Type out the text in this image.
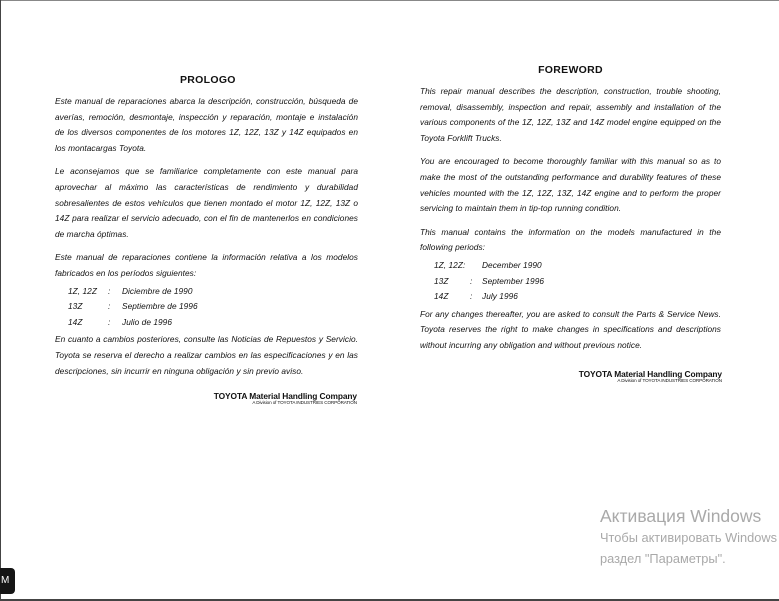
PROLOGO

Este manual de reparaciones abarca la descripción, construcción, búsqueda de averías, remoción, desmontaje, inspección y reparación, montaje e instalación de los diversos componentes de los motores 1Z, 12Z, 13Z y 14Z equipados en los montacargas Toyota.

Le aconsejamos que se familiarice completamente con este manual para aprovechar al máximo las características de rendimiento y durabilidad sobresalientes de estos vehículos que tienen montado el motor 1Z, 12Z, 13Z o 14Z para realizar el servicio adecuado, con el fin de mantenerlos en condiciones de marcha óptimas.

Este manual de reparaciones contiene la información relativa a los modelos fabricados en los períodos siguientes:

1Z, 12Z	:	Diciembre de 1990
13Z	:	Septiembre de 1996
14Z	:	Julio de 1996

En cuanto a cambios posteriores, consulte las Noticias de Repuestos y Servicio. Toyota se reserva el derecho a realizar cambios en las especificaciones y en las descripciones, sin incurrir en ninguna obligación y sin previo aviso.

TOYOTA Material Handling Company
A Division of TOYOTA INDUSTRIES CORPORATION
FOREWORD

This repair manual describes the description, construction, trouble shooting, removal, disassembly, inspection and repair, assembly and installation of the various components of the 1Z, 12Z, 13Z and 14Z model engine equipped on the Toyota Forklift Trucks.

You are encouraged to become thoroughly familiar with this manual so as to make the most of the outstanding performance and durability features of these vehicles mounted with the 1Z, 12Z, 13Z, 14Z engine and to perform the proper servicing to maintain them in tip-top running condition.

This manual contains the information on the models manufactured in the following periods:

1Z, 12Z:	December 1990
13Z	:	September 1996
14Z	:	July 1996

For any changes thereafter, you are asked to consult the Parts & Service News. Toyota reserves the right to make changes in specifications and descriptions without incurring any obligation and without previous notice.

TOYOTA Material Handling Company
A Division of TOYOTA INDUSTRIES CORPORATION
Активация Windows
Чтобы активировать Windows
раздел "Параметры".
M
